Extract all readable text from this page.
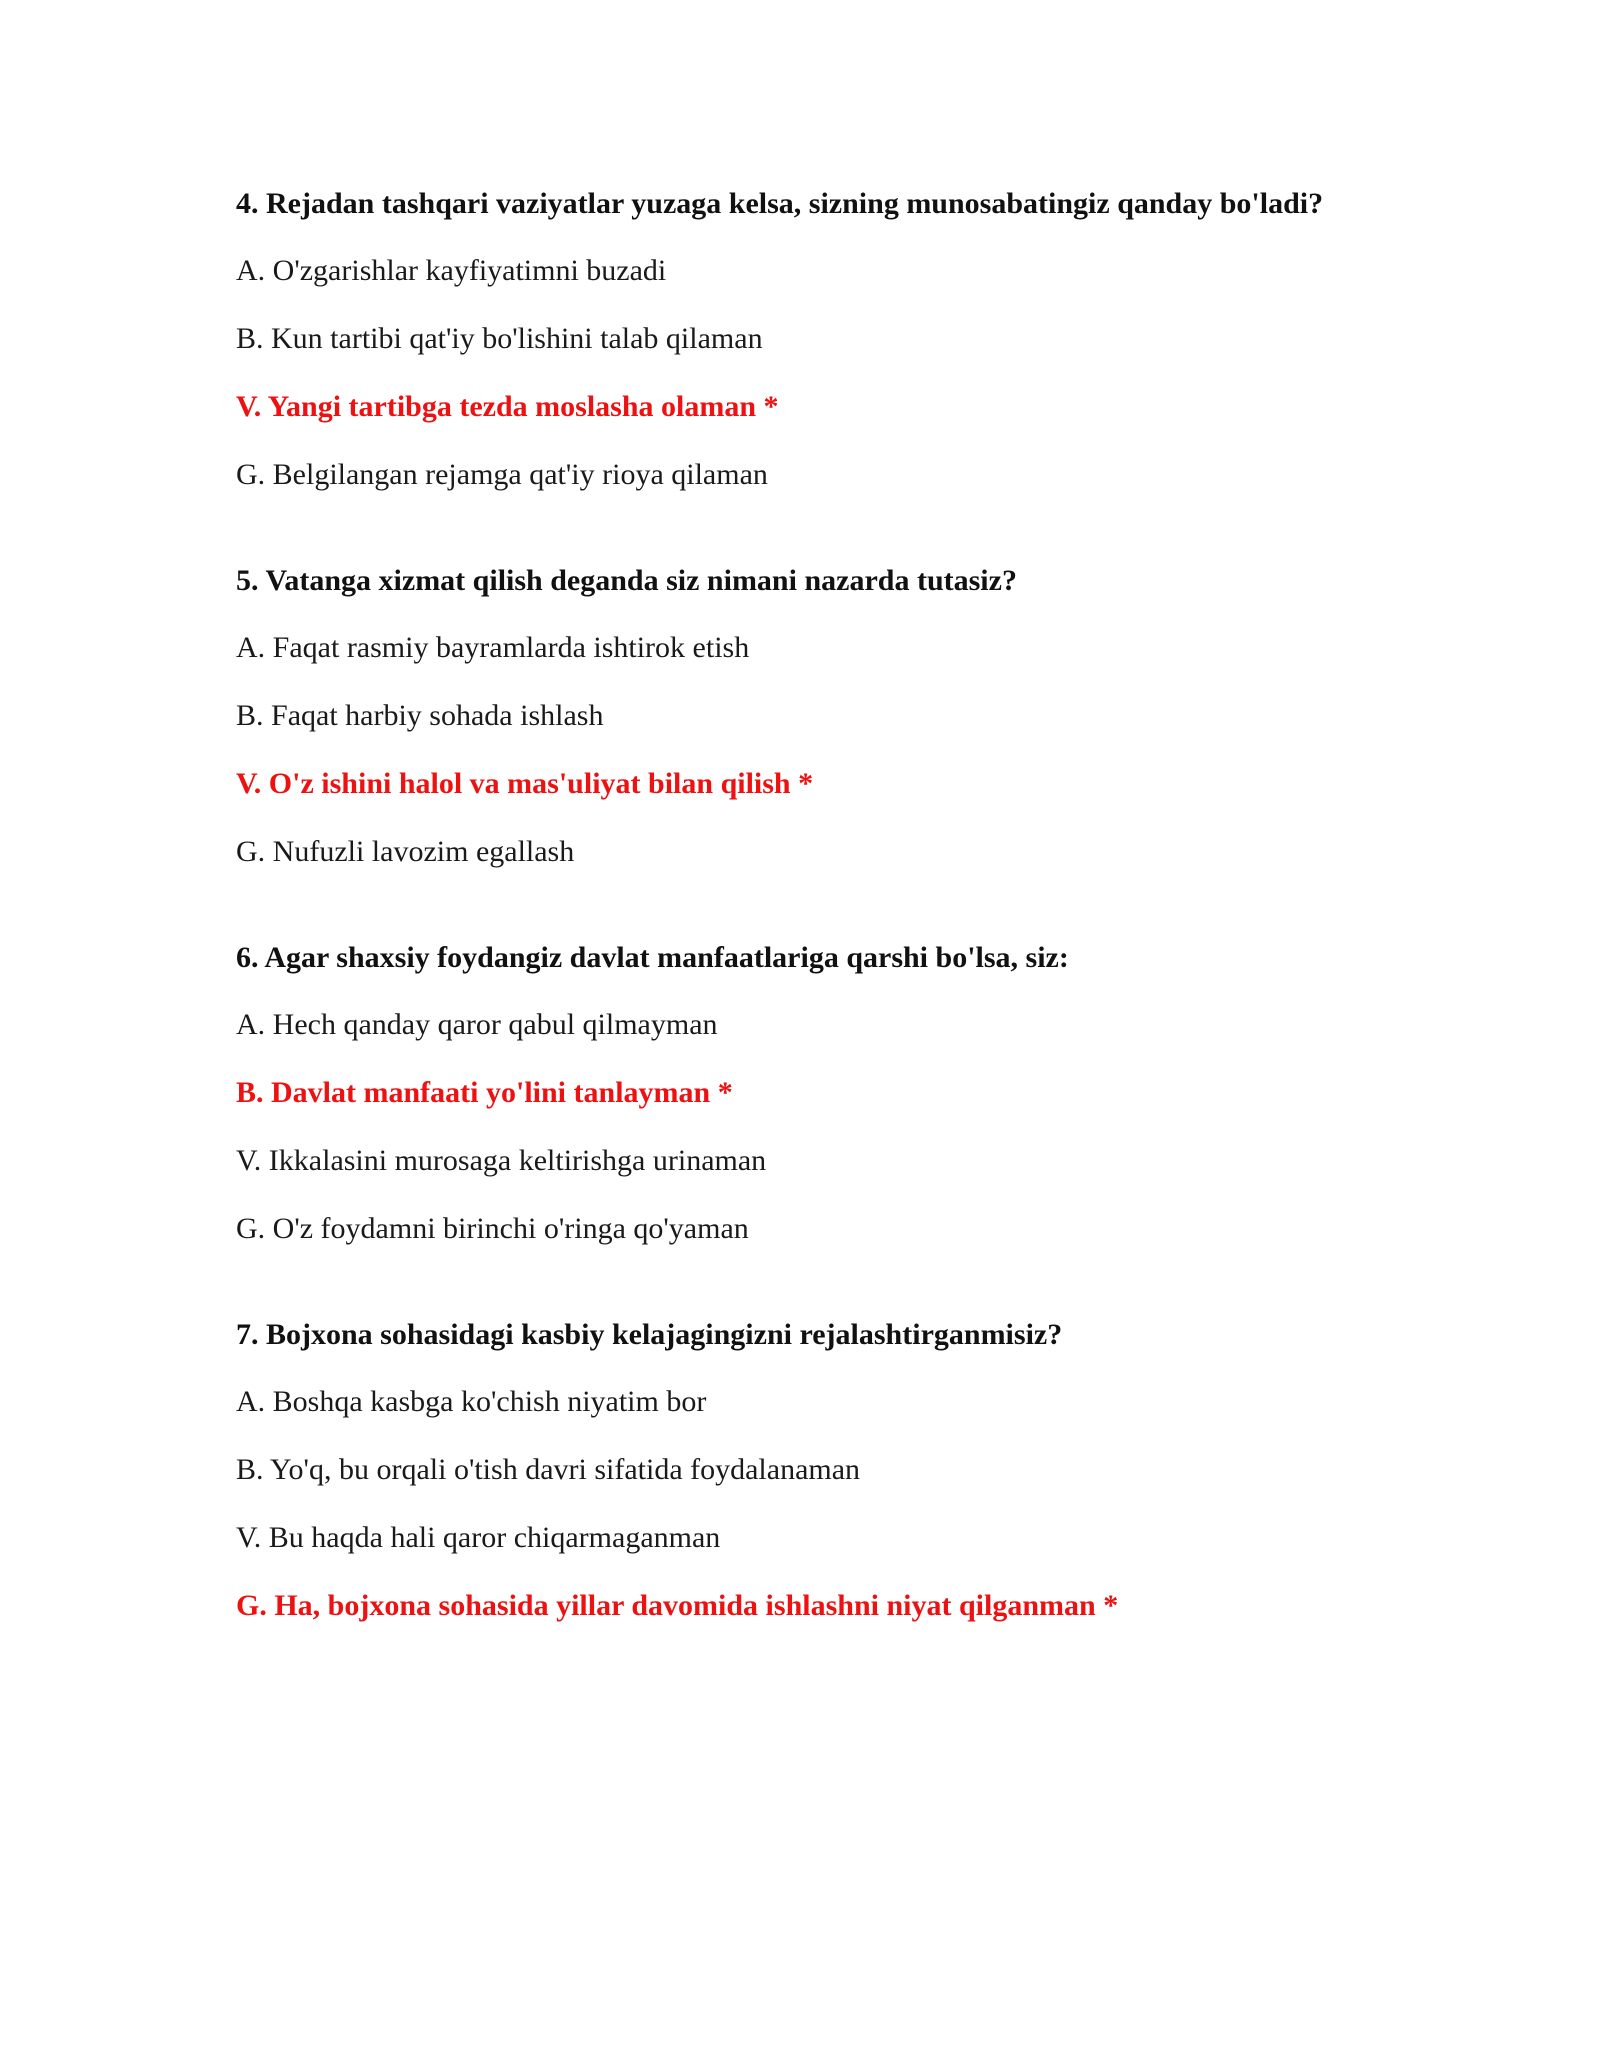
4. Rejadan tashqari vaziyatlar yuzaga kelsa, sizning munosabatingiz qanday bo'ladi?
A. O'zgarishlar kayfiyatimni buzadi
B. Kun tartibi qat'iy bo'lishini talab qilaman
V. Yangi tartibga tezda moslasha olaman *
G. Belgilangan rejamga qat'iy rioya qilaman
5. Vatanga xizmat qilish deganda siz nimani nazarda tutasiz?
A. Faqat rasmiy bayramlarda ishtirok etish
B. Faqat harbiy sohada ishlash
V. O'z ishini halol va mas'uliyat bilan qilish *
G. Nufuzli lavozim egallash
6. Agar shaxsiy foydangiz davlat manfaatlariga qarshi bo'lsa, siz:
A. Hech qanday qaror qabul qilmayman
B. Davlat manfaati yo'lini tanlayman *
V. Ikkalasini murosaga keltirishga urinaman
G. O'z foydamni birinchi o'ringa qo'yaman
7. Bojxona sohasidagi kasbiy kelajagingizni rejalashtirganmisiz?
A. Boshqa kasbga ko'chish niyatim bor
B. Yo'q, bu orqali o'tish davri sifatida foydalanaman
V. Bu haqda hali qaror chiqarmaganman
G. Ha, bojxona sohasida yillar davomida ishlashni niyat qilganman *
